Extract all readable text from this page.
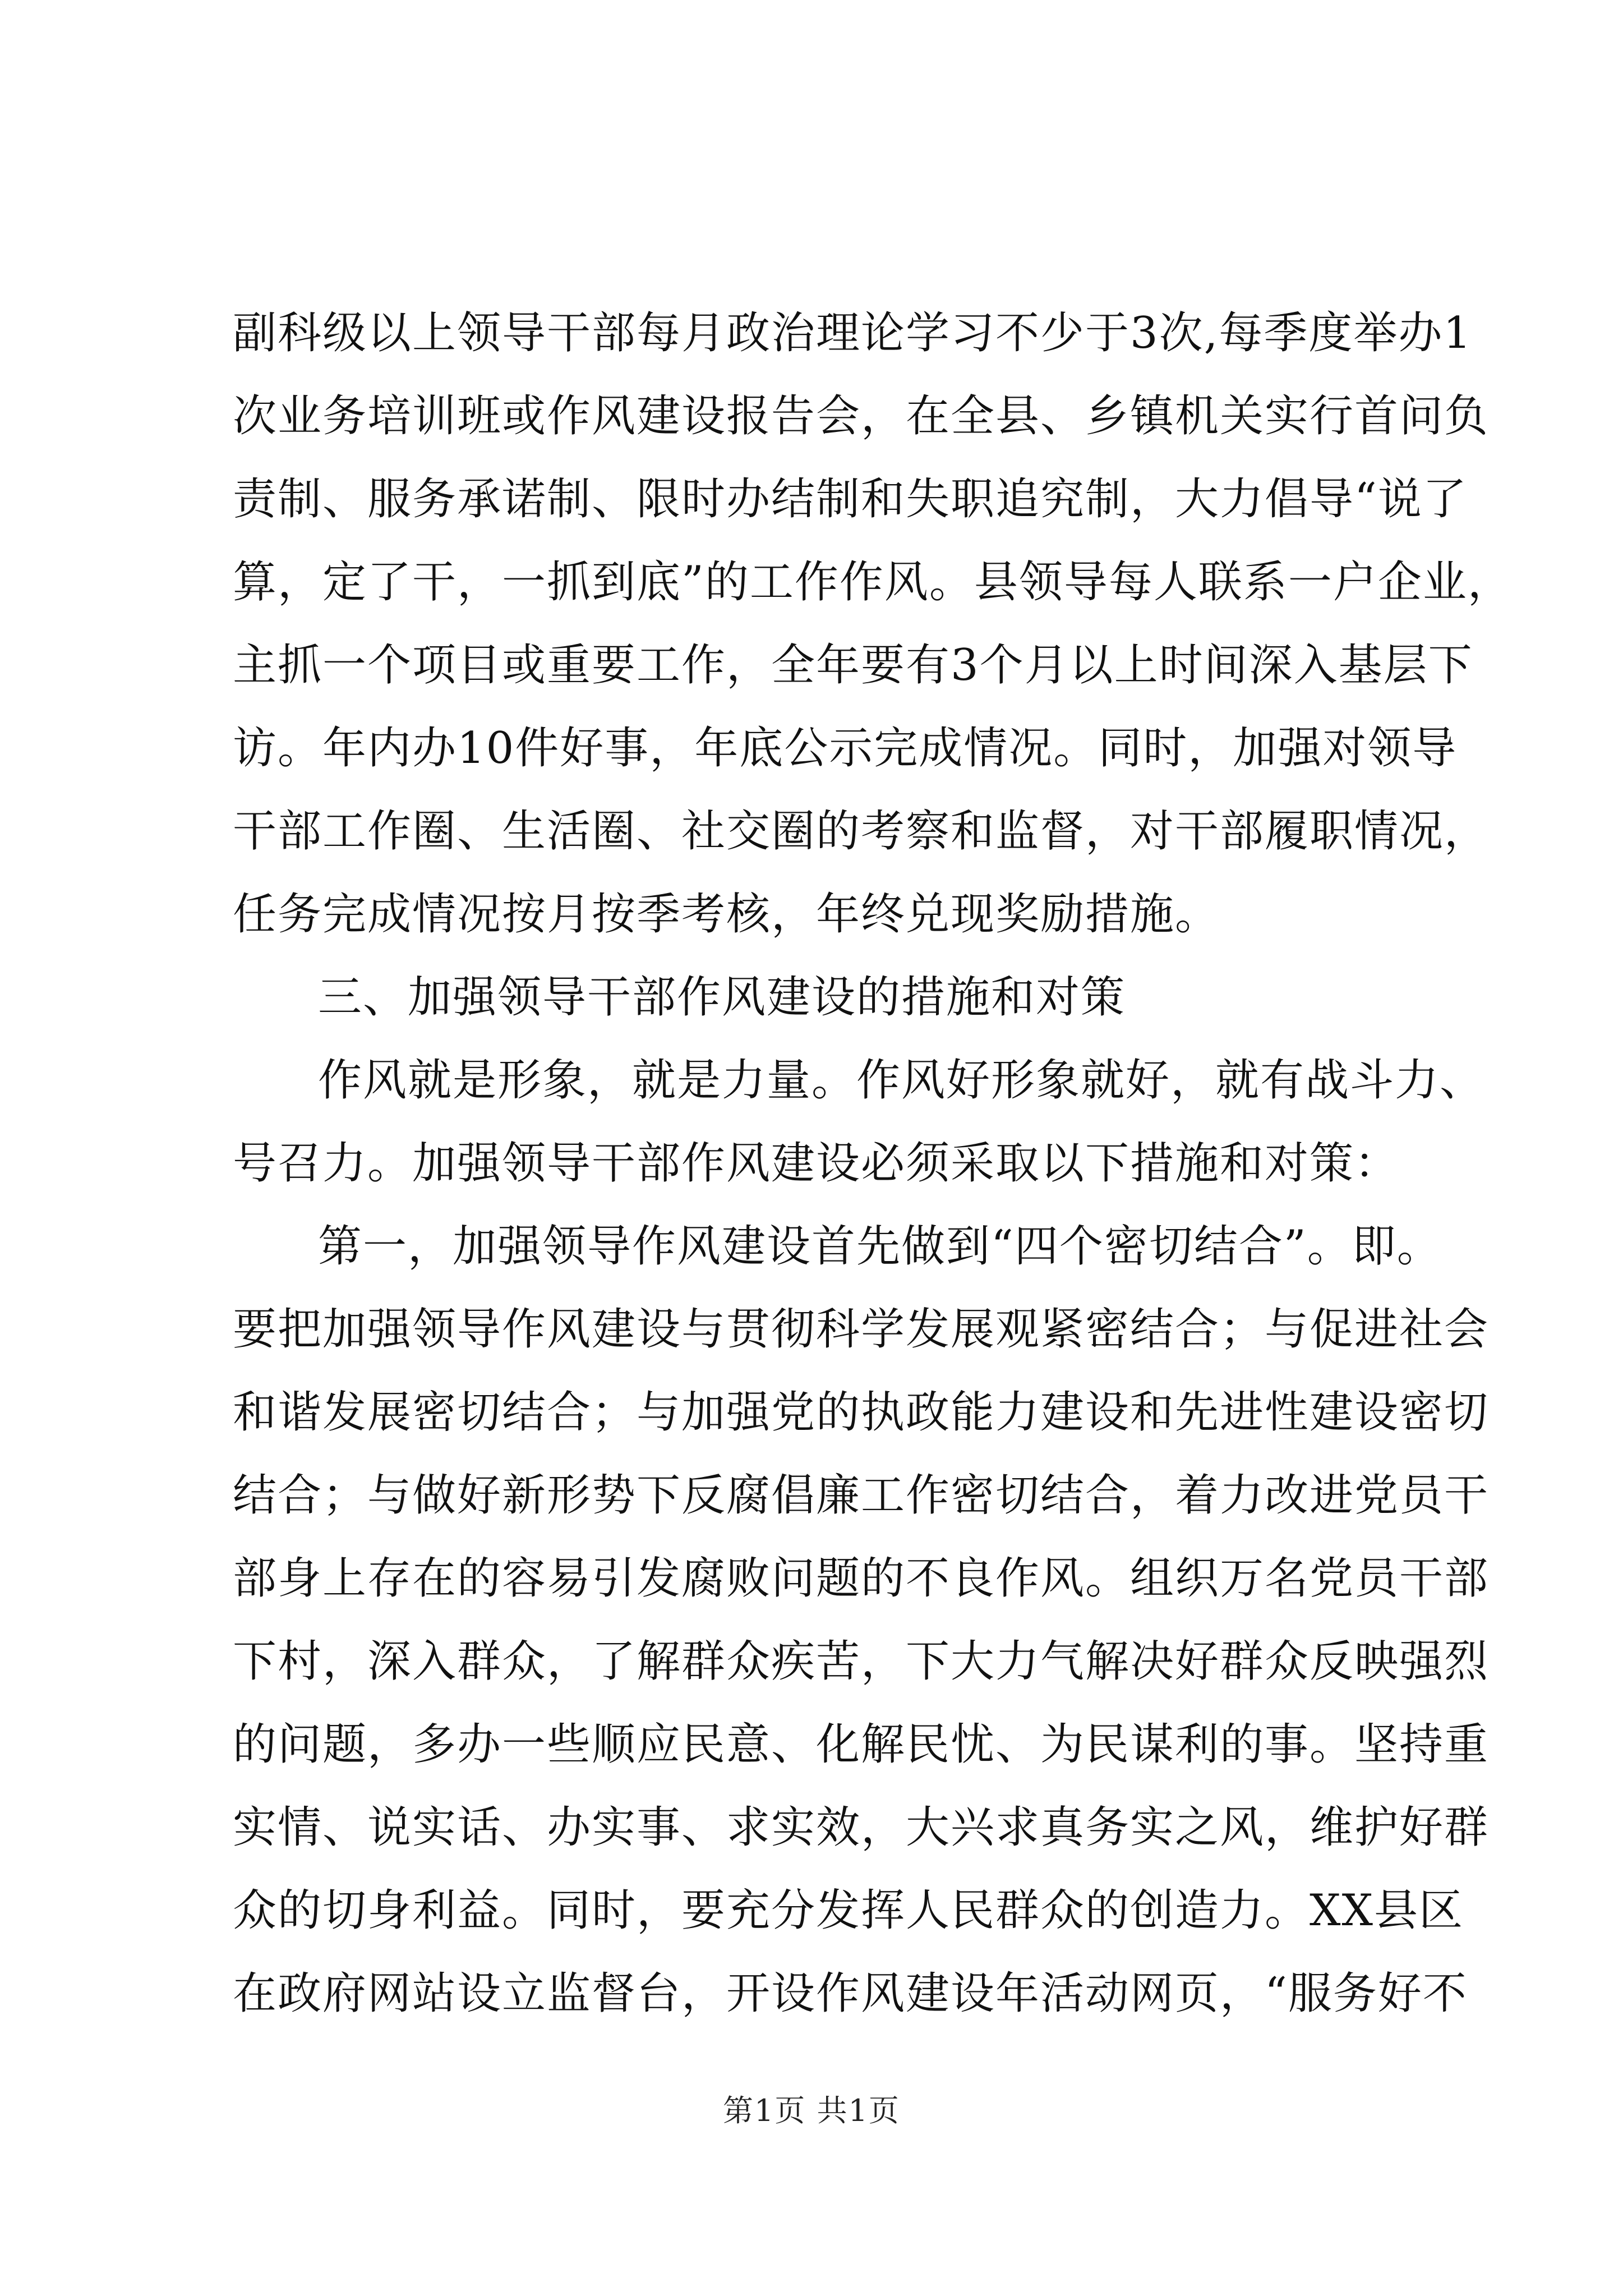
副科级以上领导干部每月政治理论学习不少于3次,每季度举办1
次业务培训班或作风建设报告会，在全县、乡镇机关实行首问负
责制、服务承诺制、限时办结制和失职追究制，大力倡导“说了
算，定了干，一抓到底”的工作作风。县领导每人联系一户企业，
主抓一个项目或重要工作，全年要有3个月以上时间深入基层下
访。年内办10件好事，年底公示完成情况。同时，加强对领导
干部工作圈、生活圈、社交圈的考察和监督，对干部履职情况，
任务完成情况按月按季考核，年终兑现奖励措施。
三、加强领导干部作风建设的措施和对策
作风就是形象，就是力量。作风好形象就好，就有战斗力、
号召力。加强领导干部作风建设必须采取以下措施和对策：
第一，加强领导作风建设首先做到“四个密切结合”。即。
要把加强领导作风建设与贯彻科学发展观紧密结合；与促进社会
和谐发展密切结合；与加强党的执政能力建设和先进性建设密切
结合；与做好新形势下反腐倡廉工作密切结合，着力改进党员干
部身上存在的容易引发腐败问题的不良作风。组织万名党员干部
下村，深入群众，了解群众疾苦，下大力气解决好群众反映强烈
的问题，多办一些顺应民意、化解民忧、为民谋利的事。坚持重
实情、说实话、办实事、求实效，大兴求真务实之风，维护好群
众的切身利益。同时，要充分发挥人民群众的创造力。XX县区
在政府网站设立监督台，开设作风建设年活动网页，“服务好不
第1页 共1页
